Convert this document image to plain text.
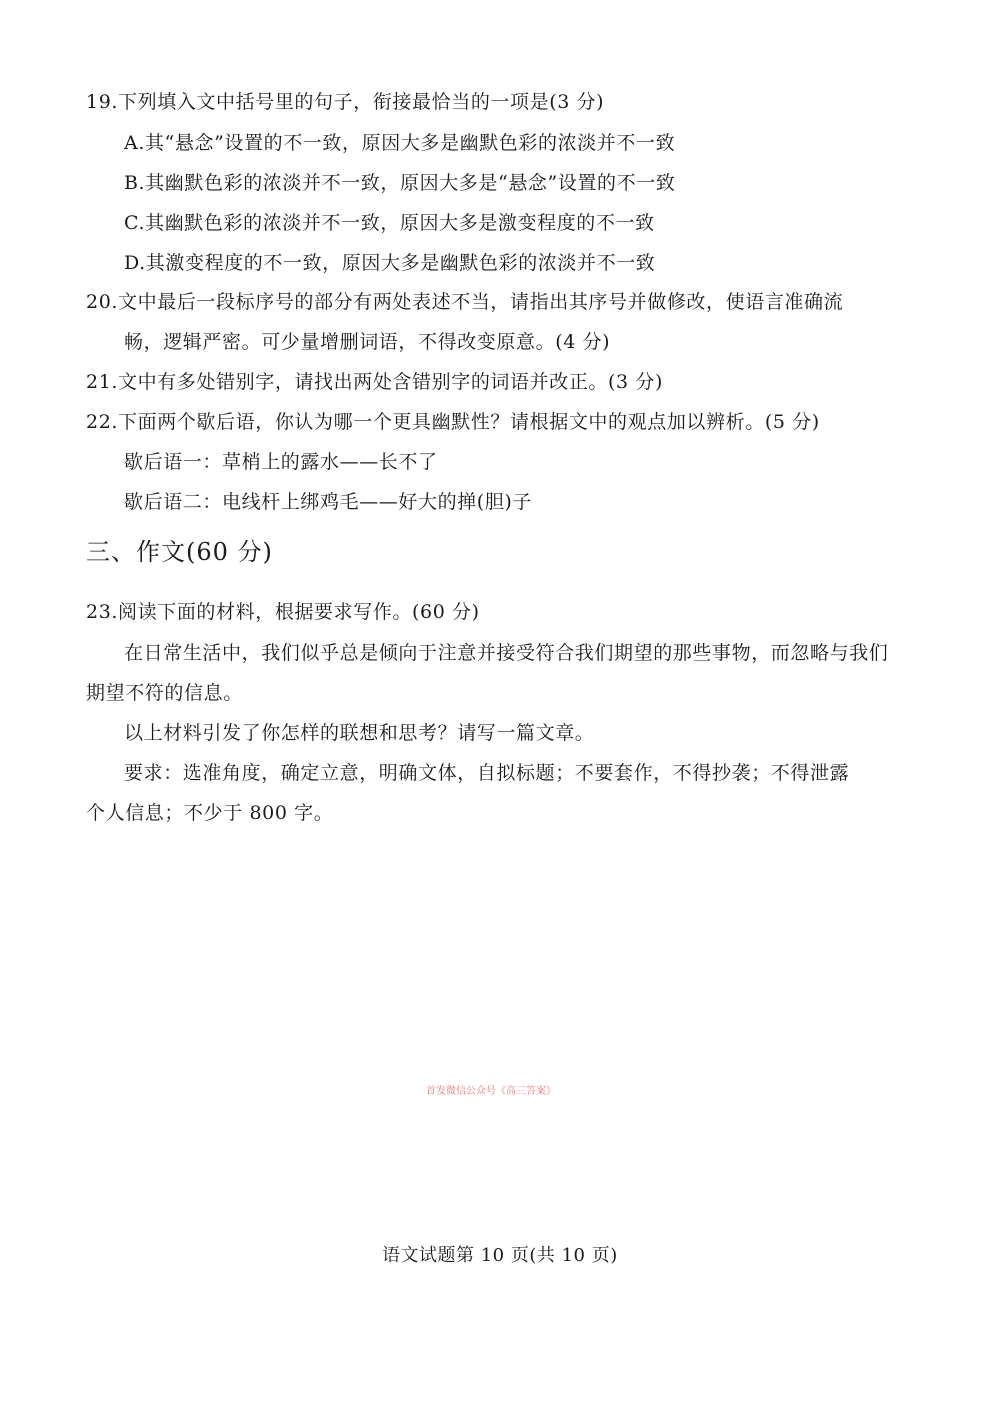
19.下列填入文中括号里的句子，衔接最恰当的一项是(3 分)
A.其“悬念”设置的不一致，原因大多是幽默色彩的浓淡并不一致
B.其幽默色彩的浓淡并不一致，原因大多是“悬念”设置的不一致
C.其幽默色彩的浓淡并不一致，原因大多是激变程度的不一致
D.其激变程度的不一致，原因大多是幽默色彩的浓淡并不一致
20.文中最后一段标序号的部分有两处表述不当，请指出其序号并做修改，使语言准确流
畅，逻辑严密。可少量增删词语，不得改变原意。(4 分)
21.文中有多处错别字，请找出两处含错别字的词语并改正。(3 分)
22.下面两个歇后语，你认为哪一个更具幽默性？请根据文中的观点加以辨析。(5 分)
歇后语一：草梢上的露水——长不了
歇后语二：电线杆上绑鸡毛——好大的掸(胆)子
三、作文(60 分)
23.阅读下面的材料，根据要求写作。(60 分)
在日常生活中，我们似乎总是倾向于注意并接受符合我们期望的那些事物，而忽略与我们
期望不符的信息。
以上材料引发了你怎样的联想和思考？请写一篇文章。
要求：选准角度，确定立意，明确文体，自拟标题；不要套作，不得抄袭；不得泄露
个人信息；不少于 800 字。
首发微信公众号《高三答案》
语文试题第 10 页(共 10 页)
